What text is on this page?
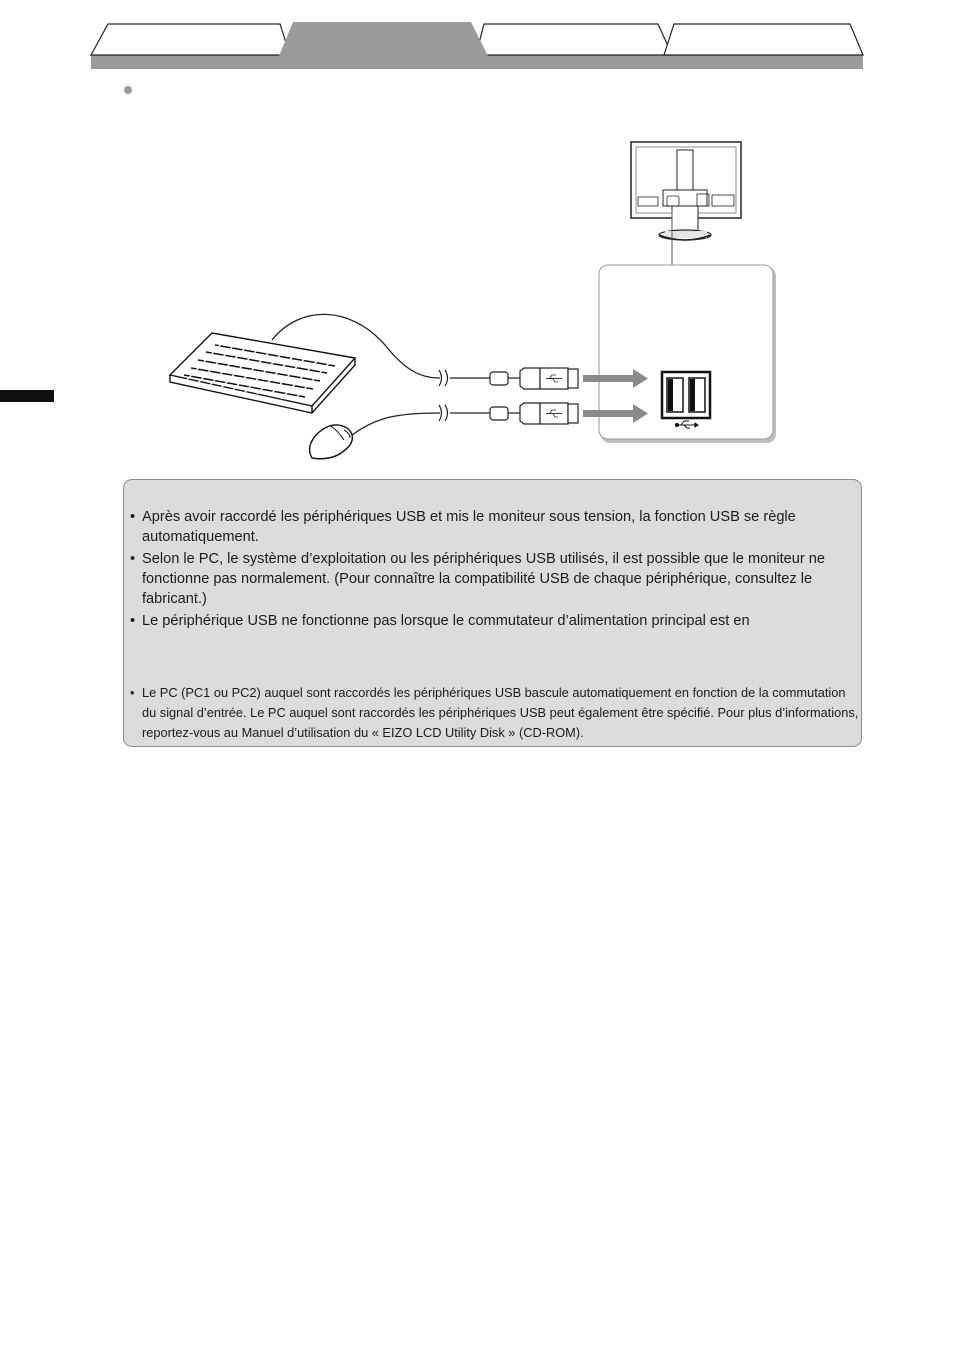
• Après avoir raccordé les périphériques USB et mis le moniteur sous tension, la fonction USB se règle automatiquement.

• Selon le PC, le système d’exploitation ou les périphériques USB utilisés, il est possible que le moniteur ne fonctionne pas normalement. (Pour connaître la compatibilité USB de chaque périphérique, consultez le fabricant.)

• Le périphérique USB ne fonctionne pas lorsque le commutateur d’alimentation principal est en

• Le PC (PC1 ou PC2) auquel sont raccordés les périphériques USB bascule automatiquement en fonction de la commutation du signal d’entrée. Le PC auquel sont raccordés les périphériques USB peut également être spécifié. Pour plus d’informations, reportez-vous au Manuel d’utilisation du « EIZO LCD Utility Disk » (CD-ROM).
